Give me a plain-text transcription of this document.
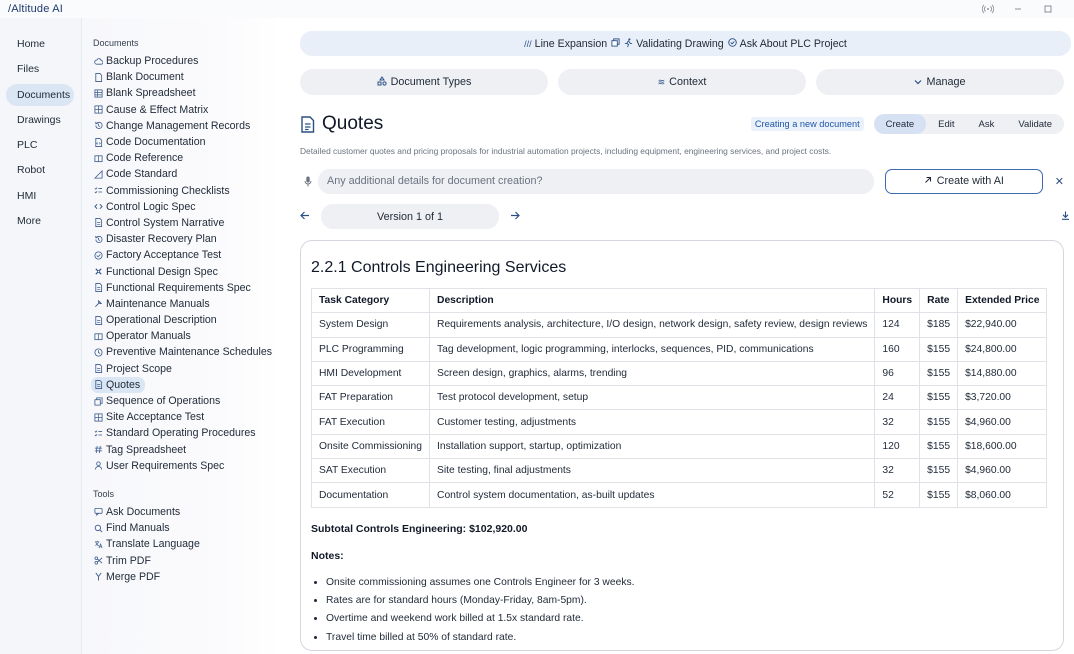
/Altitude AI
Home
Files
Documents
Drawings
PLC
Robot
HMI
More
Documents
Backup Procedures
Blank Document
Blank Spreadsheet
Cause & Effect Matrix
Change Management Records
Code Documentation
Code Reference
Code Standard
Commissioning Checklists
Control Logic Spec
Control System Narrative
Disaster Recovery Plan
Factory Acceptance Test
Functional Design Spec
Functional Requirements Spec
Maintenance Manuals
Operational Description
Operator Manuals
Preventive Maintenance Schedules
Project Scope
Quotes
Sequence of Operations
Site Acceptance Test
Standard Operating Procedures
Tag Spreadsheet
User Requirements Spec
Tools
Ask Documents
Find Manuals
Translate Language
Trim PDF
Merge PDF
/// Line Expansion	Validating Drawing Ask About PLC Project
Document Types	≋ Context	Manage
Quotes	Creating a new document	Create	Edit	Ask	Validate
Detailed customer quotes and pricing proposals for industrial automation projects, including equipment, engineering services, and project costs.
Any additional details for document creation?
Create with AI	✕
Version 1 of 1
2.2.1 Controls Engineering Services
Task Category	Description	Hours	Rate	Extended Price
System Design	Requirements analysis, architecture, I/O design, network design, safety review, design reviews	124	$185	$22,940.00
PLC Programming	Tag development, logic programming, interlocks, sequences, PID, communications	160	$155	$24,800.00
HMI Development	Screen design, graphics, alarms, trending	96	$155	$14,880.00
FAT Preparation	Test protocol development, setup	24	$155	$3,720.00
FAT Execution	Customer testing, adjustments	32	$155	$4,960.00
Onsite Commissioning	Installation support, startup, optimization	120	$155	$18,600.00
SAT Execution	Site testing, final adjustments	32	$155	$4,960.00
Documentation	Control system documentation, as-built updates	52	$155	$8,060.00
Subtotal Controls Engineering: $102,920.00
Notes:
• Onsite commissioning assumes one Controls Engineer for 3 weeks.
• Rates are for standard hours (Monday-Friday, 8am-5pm).
• Overtime and weekend work billed at 1.5x standard rate.
• Travel time billed at 50% of standard rate.
